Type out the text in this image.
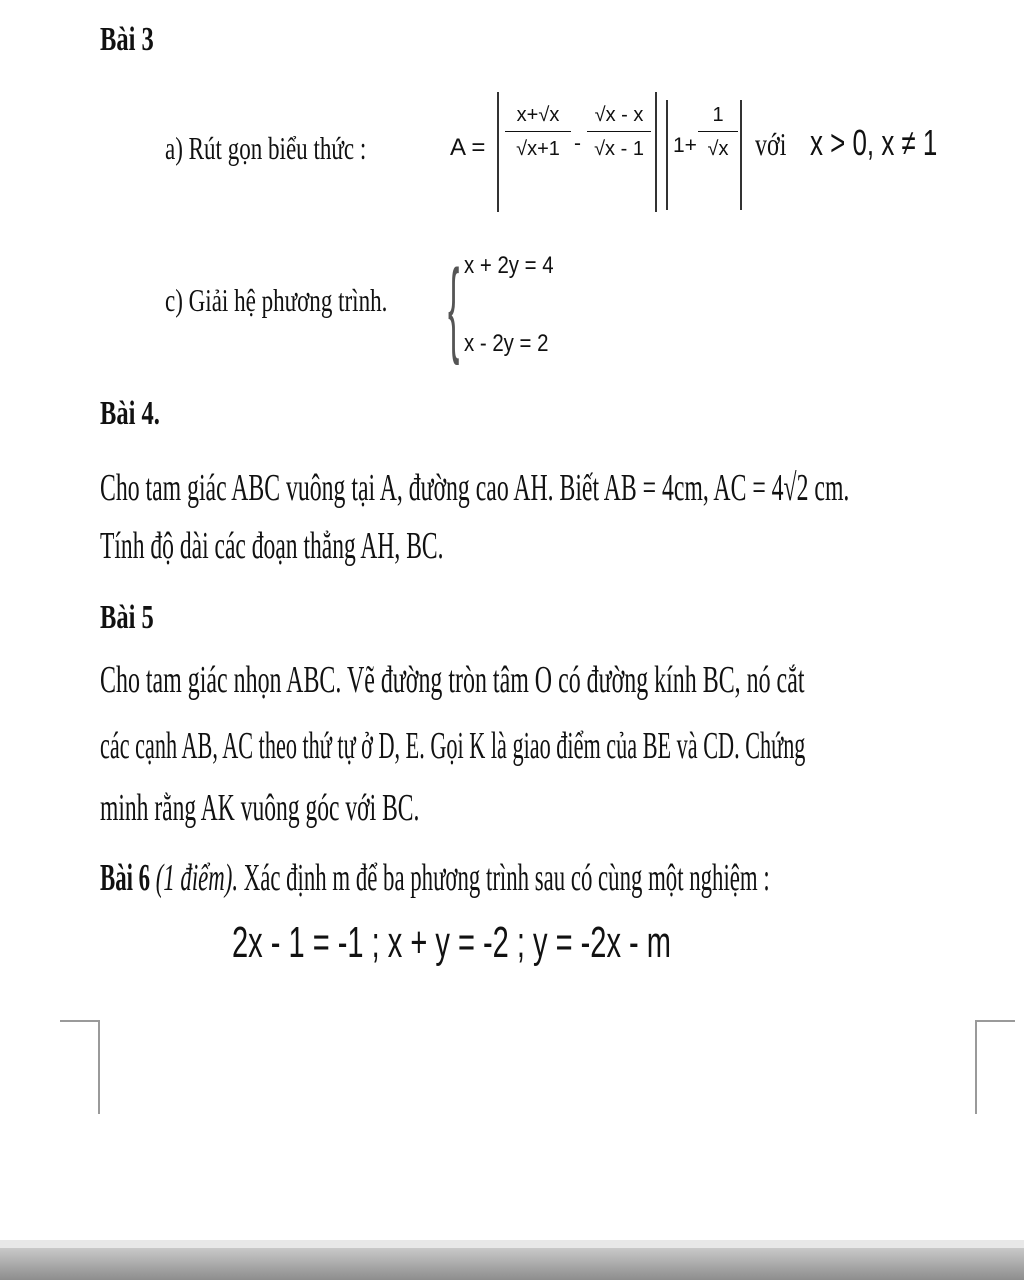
Bài 3

a) Rút gọn biểu thức :	$A = \frac{x+√x}{√x+1} - \frac{√x - x}{√x - 1} 1+ \frac{1}{√x}$ với x > 0, x ≠ 1

c) Giải hệ phương trình. { x + 2y = 4
x - 2y = 2

Bài 4.

Cho tam giác ABC vuông tại A, đường cao AH. Biết AB = 4cm, AC = 4√2 cm.

Tính độ dài các đoạn thẳng AH, BC.

Bài 5

Cho tam giác nhọn ABC. Vẽ đường tròn tâm O có đường kính BC, nó cắt

các cạnh AB, AC theo thứ tự ở D, E. Gọi K là giao điểm của BE và CD. Chứng

minh rằng AK vuông góc với BC.

Bài 6 (1 điểm). Xác định m để ba phương trình sau có cùng một nghiệm :

2x - 1 = -1 ; x + y = -2 ; y = -2x - m
